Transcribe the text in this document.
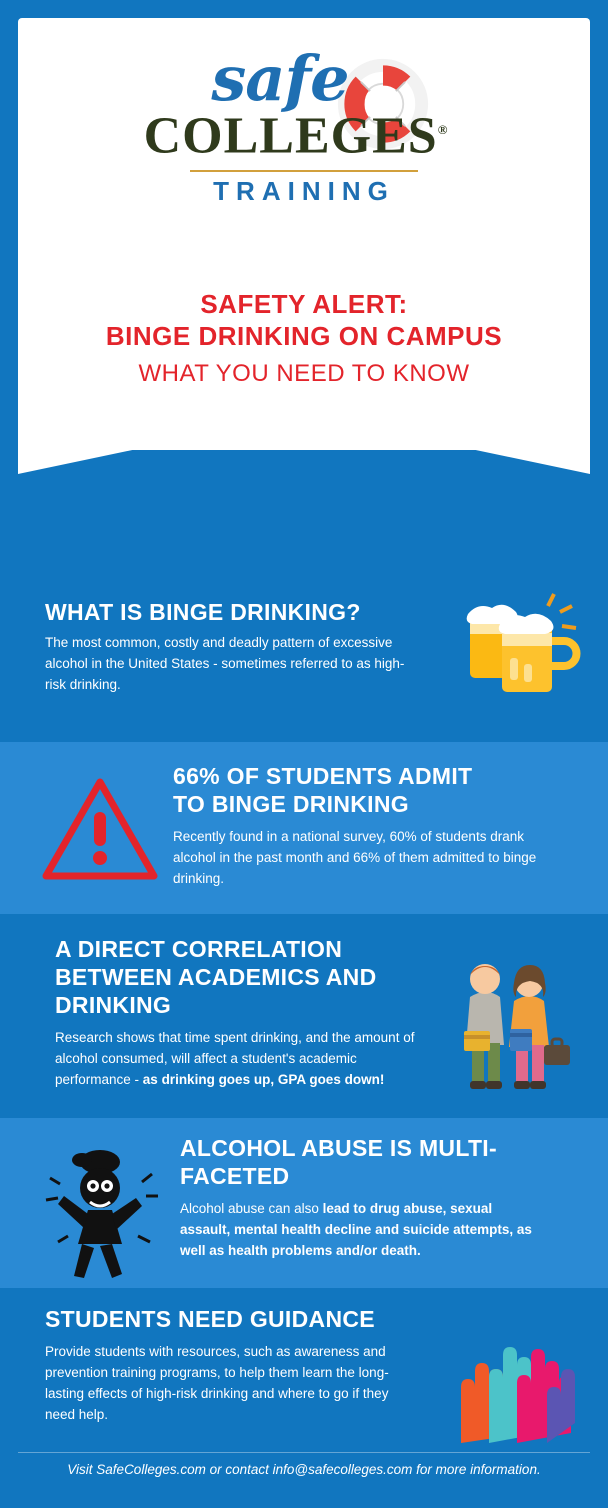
safe
COLLEGES®
TRAINING
SAFETY ALERT:
BINGE DRINKING ON CAMPUS
WHAT YOU NEED TO KNOW
WHAT IS BINGE DRINKING?
The most common, costly and deadly pattern of excessive alcohol in the United States - sometimes referred to as high-risk drinking.
66% OF STUDENTS ADMIT
TO BINGE DRINKING
Recently found in a national survey, 60% of students drank alcohol in the past month and 66% of them admitted to binge drinking.
A DIRECT CORRELATION
BETWEEN ACADEMICS AND
DRINKING
Research shows that time spent drinking, and the amount of alcohol consumed, will affect a student's academic performance - as drinking goes up, GPA goes down!
ALCOHOL ABUSE IS MULTI-
FACETED
Alcohol abuse can also lead to drug abuse, sexual assault, mental health decline and suicide attempts, as well as health problems and/or death.
STUDENTS NEED GUIDANCE
Provide students with resources, such as awareness and prevention training programs, to help them learn the long-lasting effects of high-risk drinking and where to go if they need help.
Visit SafeColleges.com or contact info@safecolleges.com for more information.
